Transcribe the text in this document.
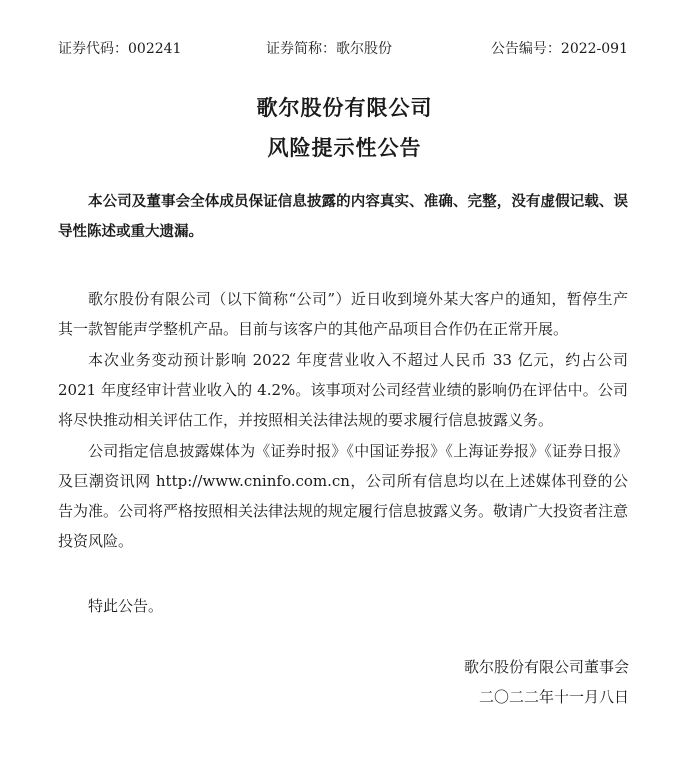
证券代码：002241	证券简称：歌尔股份	公告编号：2022-091
歌尔股份有限公司
风险提示性公告

本公司及董事会全体成员保证信息披露的内容真实、准确、完整，没有虚假记载、误导性陈述或重大遗漏。

歌尔股份有限公司（以下简称“公司”）近日收到境外某大客户的通知，暂停生产其一款智能声学整机产品。目前与该客户的其他产品项目合作仍在正常开展。

本次业务变动预计影响 2022 年度营业收入不超过人民币 33 亿元，约占公司2021 年度经审计营业收入的 4.2%。该事项对公司经营业绩的影响仍在评估中。公司将尽快推动相关评估工作，并按照相关法律法规的要求履行信息披露义务。

公司指定信息披露媒体为《证券时报》《中国证券报》《上海证券报》《证券日报》及巨潮资讯网 http://www.cninfo.com.cn，公司所有信息均以在上述媒体刊登的公告为准。公司将严格按照相关法律法规的规定履行信息披露义务。敬请广大投资者注意投资风险。

特此公告。

歌尔股份有限公司董事会
二〇二二年十一月八日
